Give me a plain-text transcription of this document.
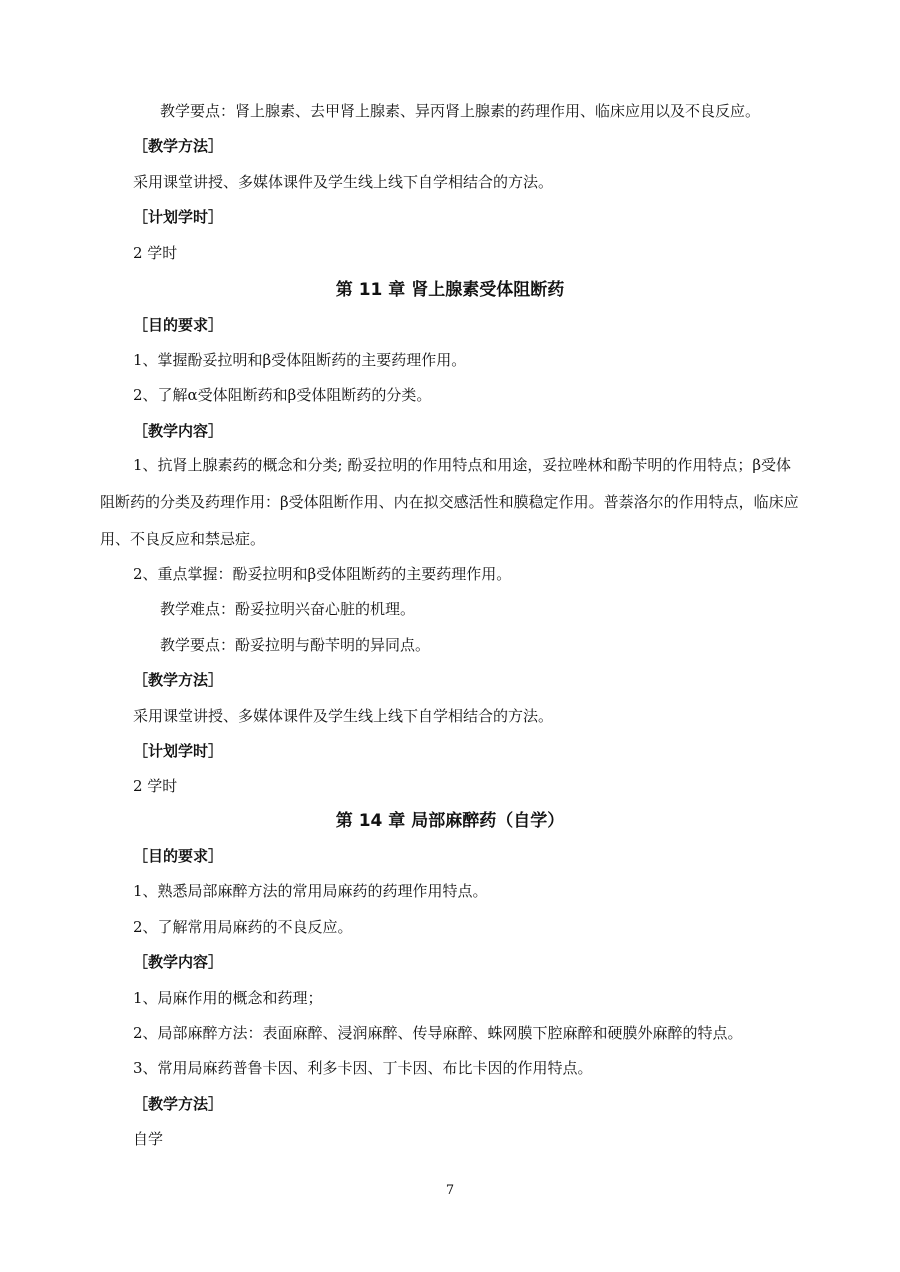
教学要点：肾上腺素、去甲肾上腺素、异丙肾上腺素的药理作用、临床应用以及不良反应。
［教学方法］
采用课堂讲授、多媒体课件及学生线上线下自学相结合的方法。
［计划学时］
2 学时
第 11 章 肾上腺素受体阻断药
［目的要求］
1、掌握酚妥拉明和β受体阻断药的主要药理作用。
2、了解α受体阻断药和β受体阻断药的分类。
［教学内容］
1、抗肾上腺素药的概念和分类; 酚妥拉明的作用特点和用途，妥拉唑林和酚苄明的作用特点；β受体阻断药的分类及药理作用：β受体阻断作用、内在拟交感活性和膜稳定作用。普萘洛尔的作用特点，临床应用、不良反应和禁忌症。
2、重点掌握：酚妥拉明和β受体阻断药的主要药理作用。
教学难点：酚妥拉明兴奋心脏的机理。
教学要点：酚妥拉明与酚苄明的异同点。
［教学方法］
采用课堂讲授、多媒体课件及学生线上线下自学相结合的方法。
［计划学时］
2 学时
第 14 章 局部麻醉药（自学）
［目的要求］
1、熟悉局部麻醉方法的常用局麻药的药理作用特点。
2、了解常用局麻药的不良反应。
［教学内容］
1、局麻作用的概念和药理；
2、局部麻醉方法：表面麻醉、浸润麻醉、传导麻醉、蛛网膜下腔麻醉和硬膜外麻醉的特点。
3、常用局麻药普鲁卡因、利多卡因、丁卡因、布比卡因的作用特点。
［教学方法］
自学
7
